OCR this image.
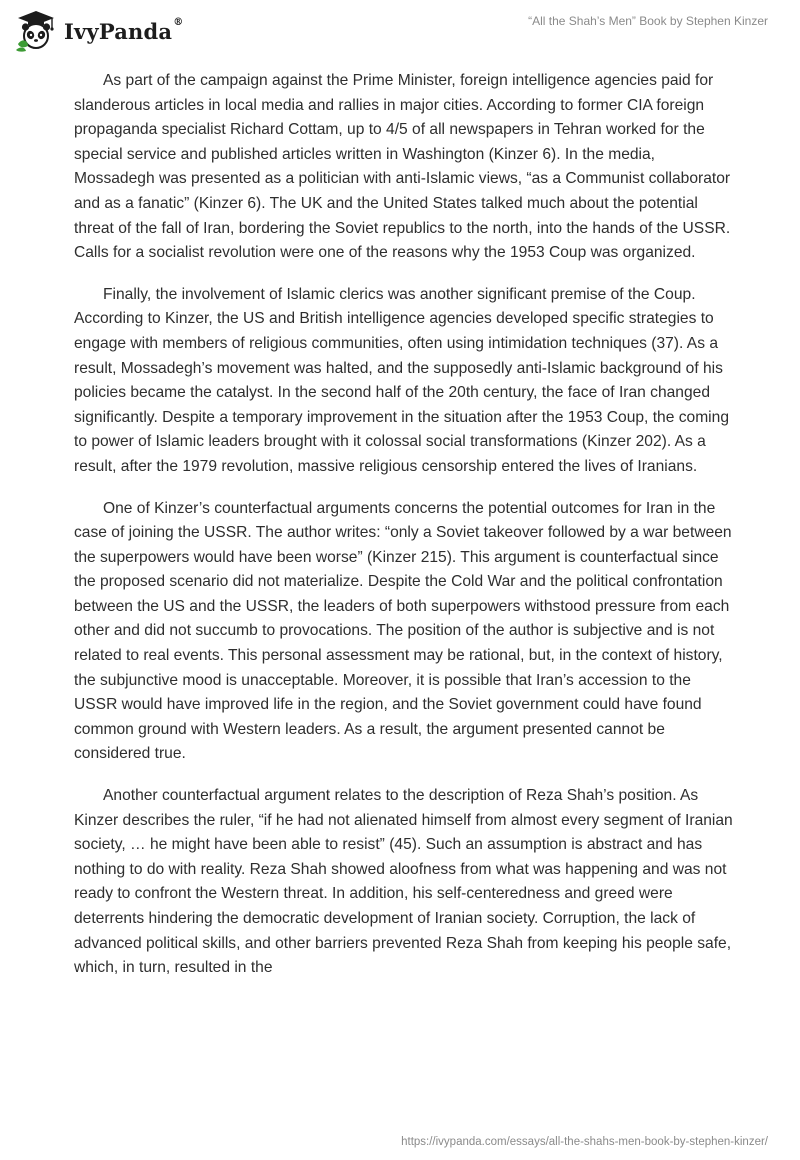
IvyPanda®	“All the Shah’s Men” Book by Stephen Kinzer

As part of the campaign against the Prime Minister, foreign intelligence agencies paid for slanderous articles in local media and rallies in major cities. According to former CIA foreign propaganda specialist Richard Cottam, up to 4/5 of all newspapers in Tehran worked for the special service and published articles written in Washington (Kinzer 6). In the media, Mossadegh was presented as a politician with anti-Islamic views, “as a Communist collaborator and as a fanatic” (Kinzer 6). The UK and the United States talked much about the potential threat of the fall of Iran, bordering the Soviet republics to the north, into the hands of the USSR. Calls for a socialist revolution were one of the reasons why the 1953 Coup was organized.

Finally, the involvement of Islamic clerics was another significant premise of the Coup. According to Kinzer, the US and British intelligence agencies developed specific strategies to engage with members of religious communities, often using intimidation techniques (37). As a result, Mossadegh’s movement was halted, and the supposedly anti-Islamic background of his policies became the catalyst. In the second half of the 20th century, the face of Iran changed significantly. Despite a temporary improvement in the situation after the 1953 Coup, the coming to power of Islamic leaders brought with it colossal social transformations (Kinzer 202). As a result, after the 1979 revolution, massive religious censorship entered the lives of Iranians.

One of Kinzer’s counterfactual arguments concerns the potential outcomes for Iran in the case of joining the USSR. The author writes: “only a Soviet takeover followed by a war between the superpowers would have been worse” (Kinzer 215). This argument is counterfactual since the proposed scenario did not materialize. Despite the Cold War and the political confrontation between the US and the USSR, the leaders of both superpowers withstood pressure from each other and did not succumb to provocations. The position of the author is subjective and is not related to real events. This personal assessment may be rational, but, in the context of history, the subjunctive mood is unacceptable. Moreover, it is possible that Iran’s accession to the USSR would have improved life in the region, and the Soviet government could have found common ground with Western leaders. As a result, the argument presented cannot be considered true.

Another counterfactual argument relates to the description of Reza Shah’s position. As Kinzer describes the ruler, “if he had not alienated himself from almost every segment of Iranian society, … he might have been able to resist” (45). Such an assumption is abstract and has nothing to do with reality. Reza Shah showed aloofness from what was happening and was not ready to confront the Western threat. In addition, his self-centeredness and greed were deterrents hindering the democratic development of Iranian society. Corruption, the lack of advanced political skills, and other barriers prevented Reza Shah from keeping his people safe, which, in turn, resulted in the

https://ivypanda.com/essays/all-the-shahs-men-book-by-stephen-kinzer/
